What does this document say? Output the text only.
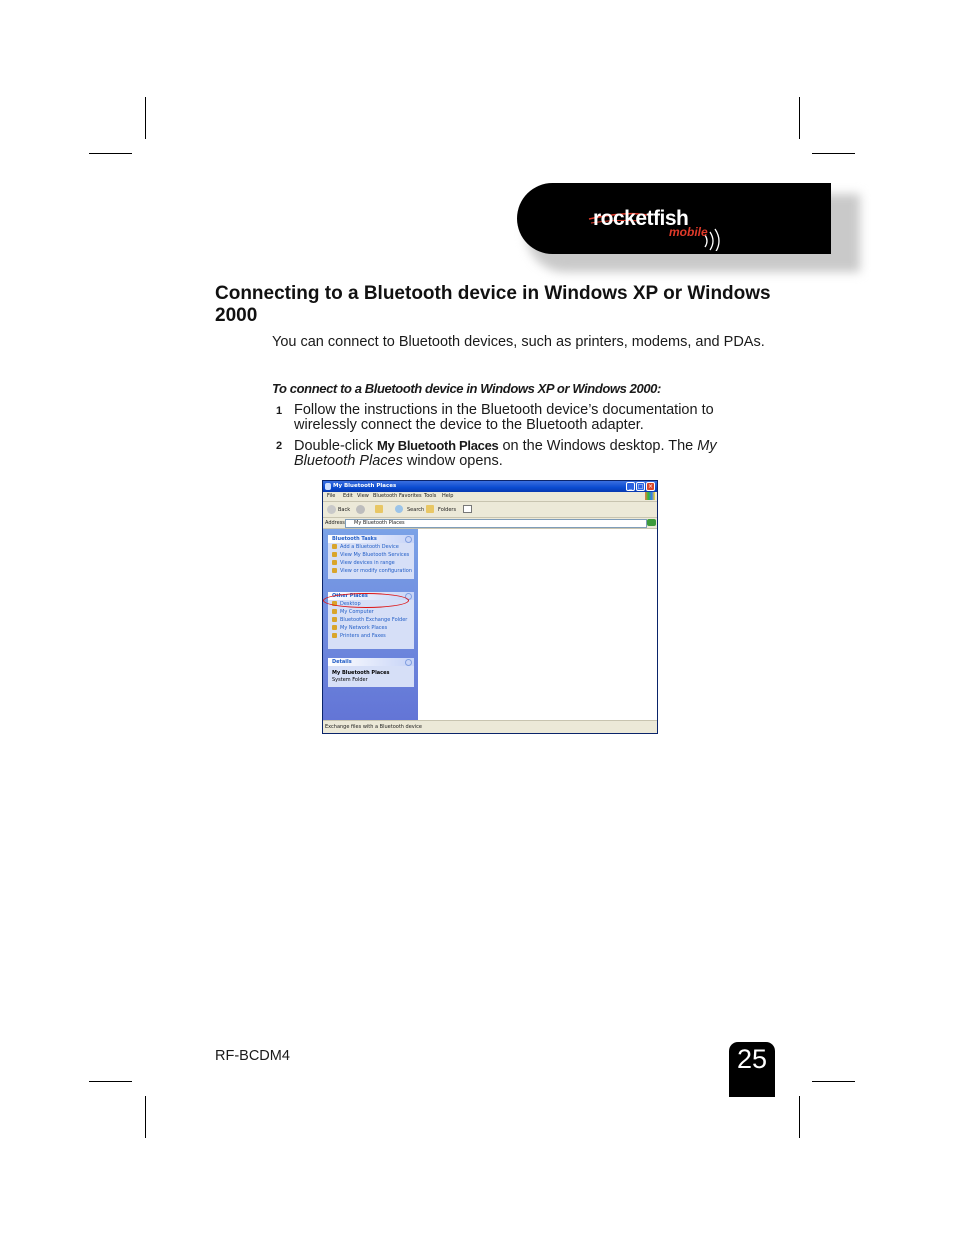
rocketfish
mobile
Connecting to a Bluetooth device in Windows XP or Windows 2000

You can connect to Bluetooth devices, such as printers, modems, and PDAs.

To connect to a Bluetooth device in Windows XP or Windows 2000:

1 Follow the instructions in the Bluetooth device’s documentation to wirelessly connect the device to the Bluetooth adapter.
2 Double-click My Bluetooth Places on the Windows desktop. The My Bluetooth Places window opens.
My Bluetooth Places	_ □ ×
File Edit View Bluetooth Favorites Tools Help
Back	Search	Folders
Address My Bluetooth Places
Bluetooth Tasks
Add a Bluetooth Device
View My Bluetooth Services
View devices in range
View or modify configuration
Other Places
Desktop
My Computer
Bluetooth Exchange Folder
My Network Places
Printers and Faxes
Details
My Bluetooth Places
System Folder
Exchange files with a Bluetooth device
RF-BCDM4	25
